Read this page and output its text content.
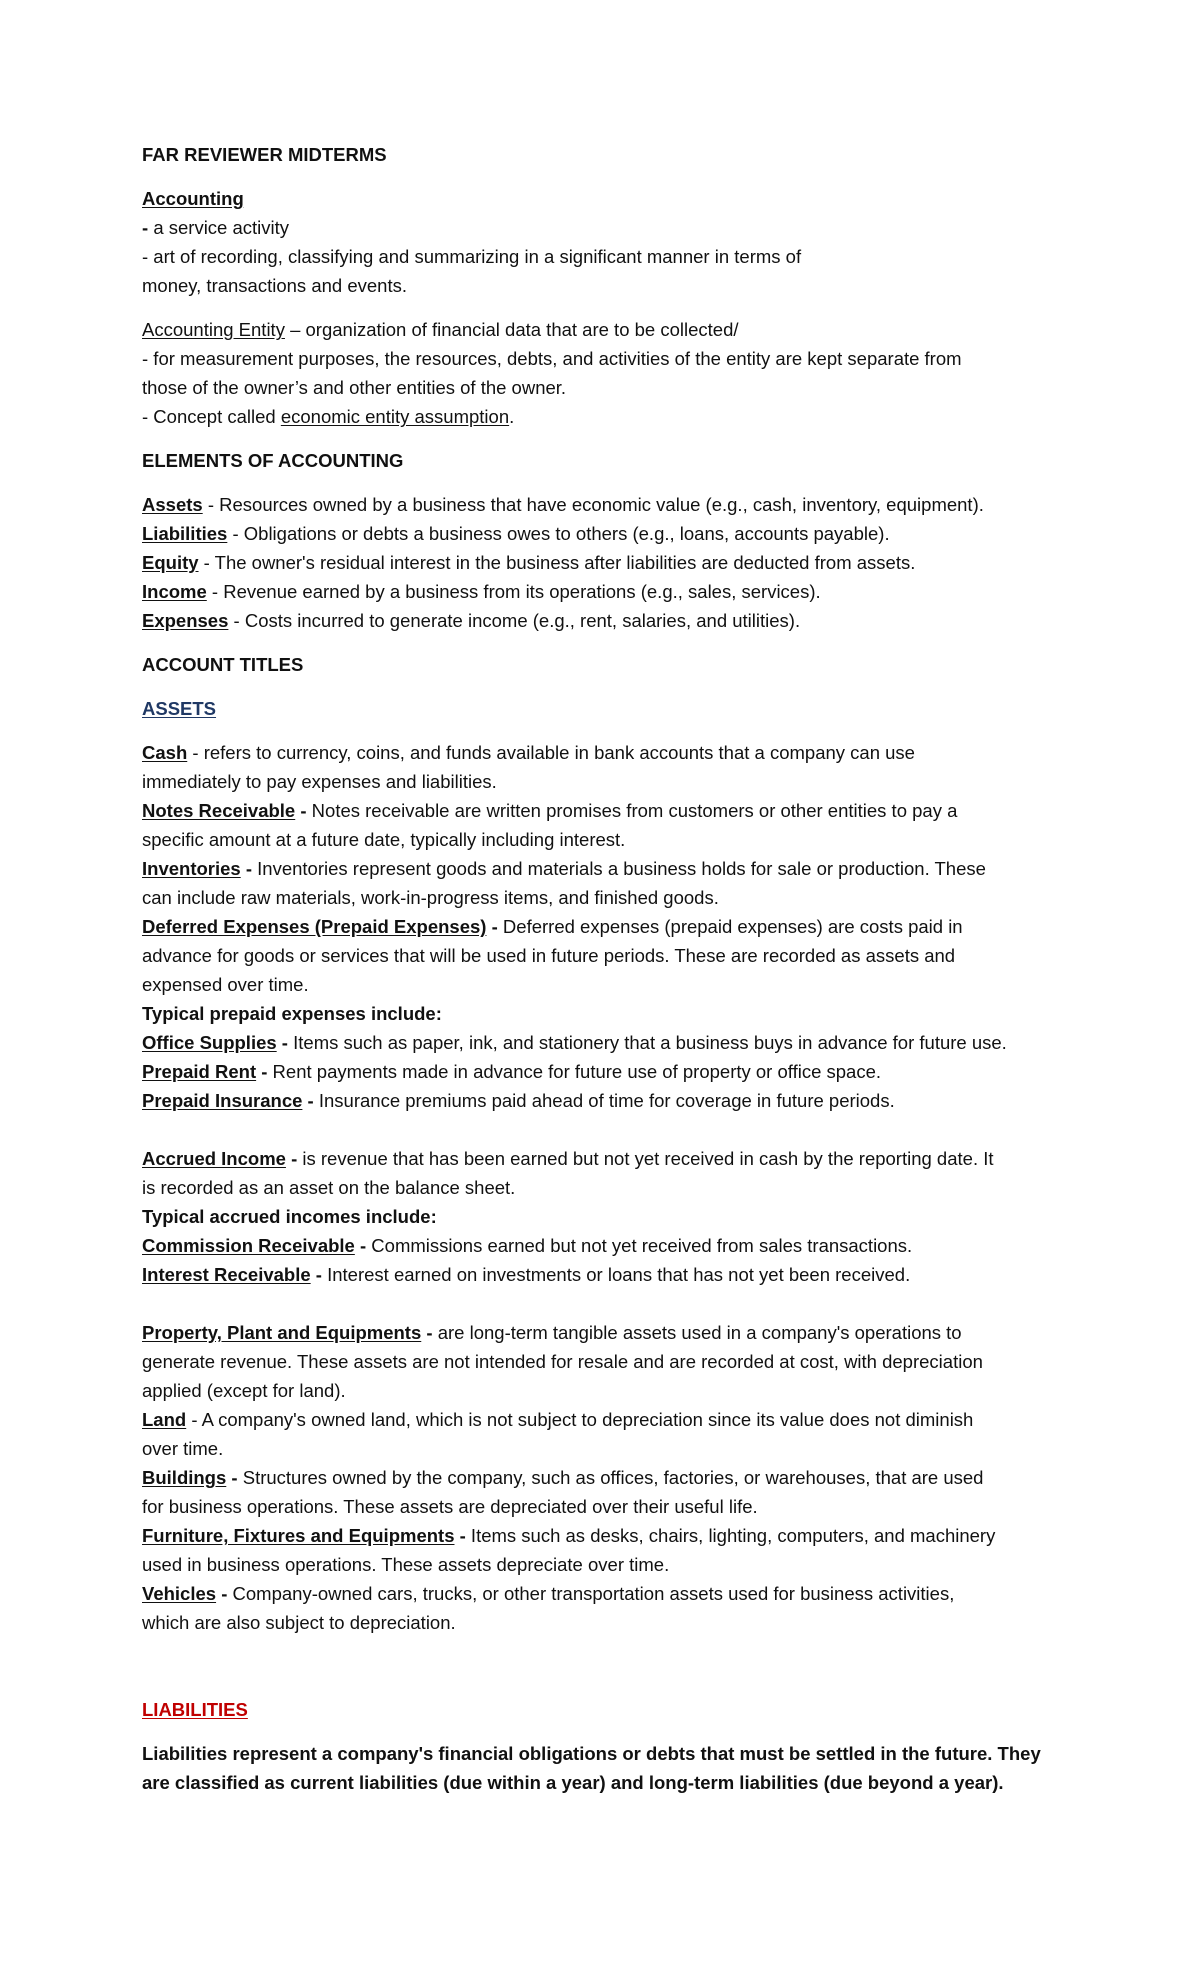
FAR REVIEWER MIDTERMS
Accounting
- a service activity
- art of recording, classifying and summarizing in a significant manner in terms of
money, transactions and events.
Accounting Entity – organization of financial data that are to be collected/
- for measurement purposes, the resources, debts, and activities of the entity are kept separate from
those of the owner’s and other entities of the owner.
- Concept called economic entity assumption.
ELEMENTS OF ACCOUNTING
Assets - Resources owned by a business that have economic value (e.g., cash, inventory, equipment).
Liabilities - Obligations or debts a business owes to others (e.g., loans, accounts payable).
Equity - The owner's residual interest in the business after liabilities are deducted from assets.
Income - Revenue earned by a business from its operations (e.g., sales, services).
Expenses - Costs incurred to generate income (e.g., rent, salaries, and utilities).
ACCOUNT TITLES
ASSETS
Cash - refers to currency, coins, and funds available in bank accounts that a company can use
immediately to pay expenses and liabilities.
Notes Receivable - Notes receivable are written promises from customers or other entities to pay a
specific amount at a future date, typically including interest.
Inventories - Inventories represent goods and materials a business holds for sale or production. These
can include raw materials, work-in-progress items, and finished goods.
Deferred Expenses (Prepaid Expenses) - Deferred expenses (prepaid expenses) are costs paid in
advance for goods or services that will be used in future periods. These are recorded as assets and
expensed over time.
Typical prepaid expenses include:
Office Supplies - Items such as paper, ink, and stationery that a business buys in advance for future use.
Prepaid Rent - Rent payments made in advance for future use of property or office space.
Prepaid Insurance - Insurance premiums paid ahead of time for coverage in future periods.
Accrued Income - is revenue that has been earned but not yet received in cash by the reporting date. It
is recorded as an asset on the balance sheet.
Typical accrued incomes include:
Commission Receivable - Commissions earned but not yet received from sales transactions.
Interest Receivable - Interest earned on investments or loans that has not yet been received.
Property, Plant and Equipments - are long-term tangible assets used in a company's operations to
generate revenue. These assets are not intended for resale and are recorded at cost, with depreciation
applied (except for land).
Land - A company's owned land, which is not subject to depreciation since its value does not diminish
over time.
Buildings - Structures owned by the company, such as offices, factories, or warehouses, that are used
for business operations. These assets are depreciated over their useful life.
Furniture, Fixtures and Equipments - Items such as desks, chairs, lighting, computers, and machinery
used in business operations. These assets depreciate over time.
Vehicles - Company-owned cars, trucks, or other transportation assets used for business activities,
which are also subject to depreciation.
LIABILITIES
Liabilities represent a company's financial obligations or debts that must be settled in the future. They
are classified as current liabilities (due within a year) and long-term liabilities (due beyond a year).
